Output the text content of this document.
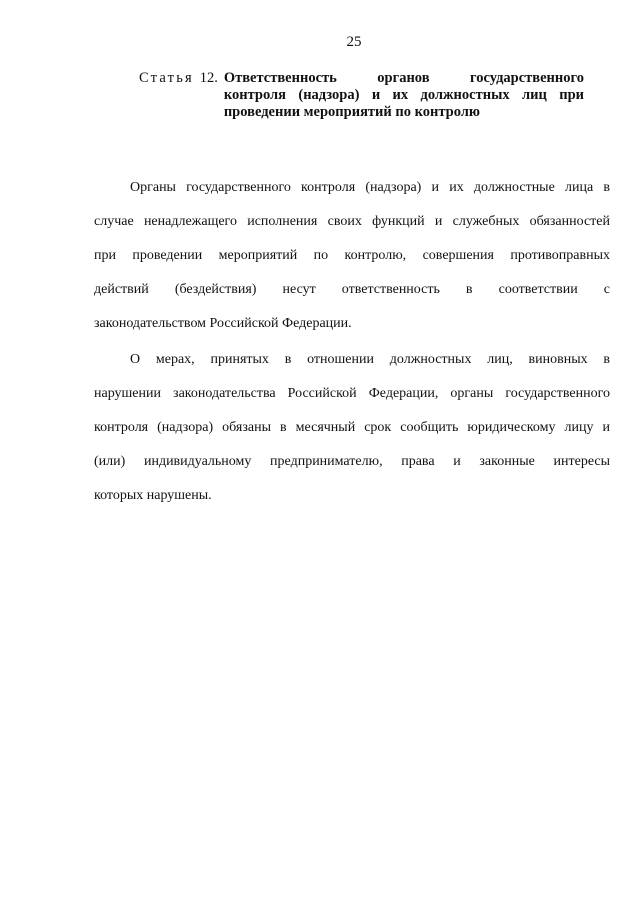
25
Статья 12. Ответственность органов государственного
контроля (надзора) и их должностных лиц при
проведении мероприятий по контролю
Органы государственного контроля (надзора) и их должностные лица в
случае ненадлежащего исполнения своих функций и служебных обязанностей
при проведении мероприятий по контролю, совершения противоправных
действий (бездействия) несут ответственность в соответствии с
законодательством Российской Федерации.
О мерах, принятых в отношении должностных лиц, виновных в
нарушении законодательства Российской Федерации, органы государственного
контроля (надзора) обязаны в месячный срок сообщить юридическому лицу и
(или) индивидуальному предпринимателю, права и законные интересы
которых нарушены.
